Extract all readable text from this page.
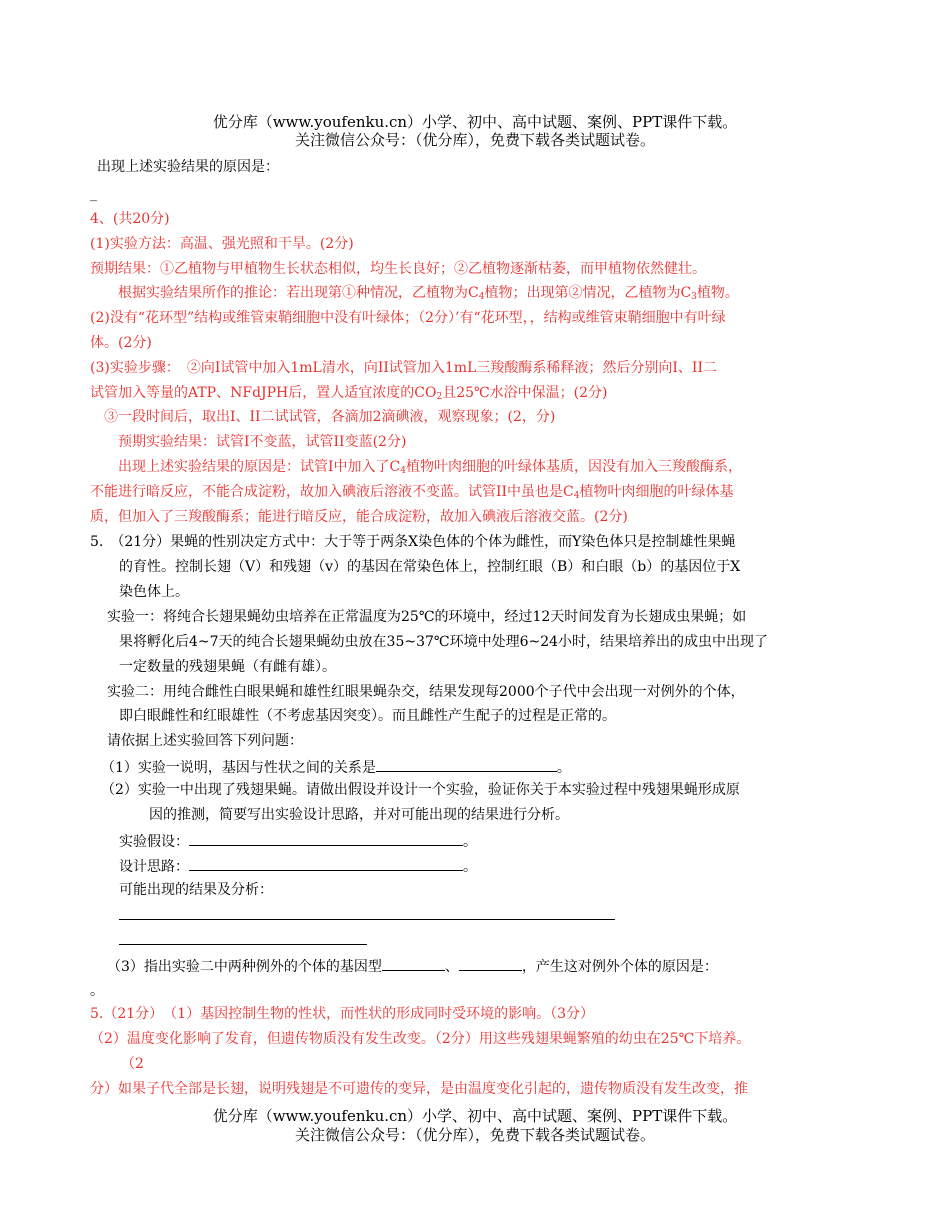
优分库（www.youfenku.cn）小学、初中、高中试题、案例、PPT课件下载。
关注微信公众号：（优分库），免费下载各类试题试卷。
出现上述实验结果的原因是：
_
4、(共20分)
(1)实验方法：高温、强光照和干旱。(2分)
预期结果：①乙植物与甲植物生长状态相似，均生长良好；②乙植物逐渐枯萎，而甲植物依然健壮。
根据实验结果所作的推论：若出现第①种情况，乙植物为$C_4$植物；出现第②情况，乙植物为$C_3$植物。
(2)没有“花环型”结构或维管束鞘细胞中没有叶绿体；（2分）’有“花环型，，结构或维管束鞘细胞中有叶绿
体。(2分)
(3)实验步骤：　②向Ⅰ试管中加入1mL清水，向II试管加入1mL三羧酸酶系稀释液；然后分别向Ⅰ、II二
试管加入等量的ATP、NFdJPH后，置人适宜浓度的$CO_2$且25℃水浴中保温；(2分)
③一段时间后，取出Ⅰ、II二试试管，各滴加2滴碘液，观察现象；(2，分)
预期实验结果：试管Ⅰ不变蓝，试管II变蓝(2分)
出现上述实验结果的原因是：试管Ⅰ中加入了$C_4$植物叶肉细胞的叶绿体基质，因没有加入三羧酸酶系，
不能进行暗反应，不能合成淀粉，故加入碘液后溶液不变蓝。试管II中虽也是$C_4$植物叶肉细胞的叶绿体基
质，但加入了三羧酸酶系；能进行暗反应，能合成淀粉，故加入碘液后溶液交蓝。(2分)
5.　（21分）果蝇的性别决定方式中：大于等于两条X染色体的个体为雌性，而Y染色体只是控制雄性果蝇
的育性。控制长翅（V）和残翅（v）的基因在常染色体上，控制红眼（B）和白眼（b）的基因位于X
染色体上。
实验一：将纯合长翅果蝇幼虫培养在正常温度为25℃的环境中，经过12天时间发育为长翅成虫果蝇；如
果将孵化后4~7天的纯合长翅果蝇幼虫放在35~37℃环境中处理6~24小时，结果培养出的成虫中出现了
一定数量的残翅果蝇（有雌有雄）。
实验二：用纯合雌性白眼果蝇和雄性红眼果蝇杂交，结果发现每2000个子代中会出现一对例外的个体，
即白眼雌性和红眼雄性（不考虑基因突变）。而且雌性产生配子的过程是正常的。
请依据上述实验回答下列问题：
（1）实验一说明，基因与性状之间的关系是	。
（2）实验一中出现了残翅果蝇。请做出假设并设计一个实验，验证你关于本实验过程中残翅果蝇形成原
因的推测，简要写出实验设计思路，并对可能出现的结果进行分析。
实验假设：	。
设计思路：	。
可能出现的结果及分析：
（3）指出实验二中两种例外的个体的基因型	、	，产生这对例外个体的原因是：
。
5.（21分）　（1）基因控制生物的性状，而性状的形成同时受环境的影响。（3分）
（2）温度变化影响了发育，但遗传物质没有发生改变。（2分）用这些残翅果蝇繁殖的幼虫在25℃下培养。
（2
分）如果子代全部是长翅，说明残翅是不可遗传的变异，是由温度变化引起的，遗传物质没有发生改变，推
优分库（www.youfenku.cn）小学、初中、高中试题、案例、PPT课件下载。
关注微信公众号：（优分库），免费下载各类试题试卷。
